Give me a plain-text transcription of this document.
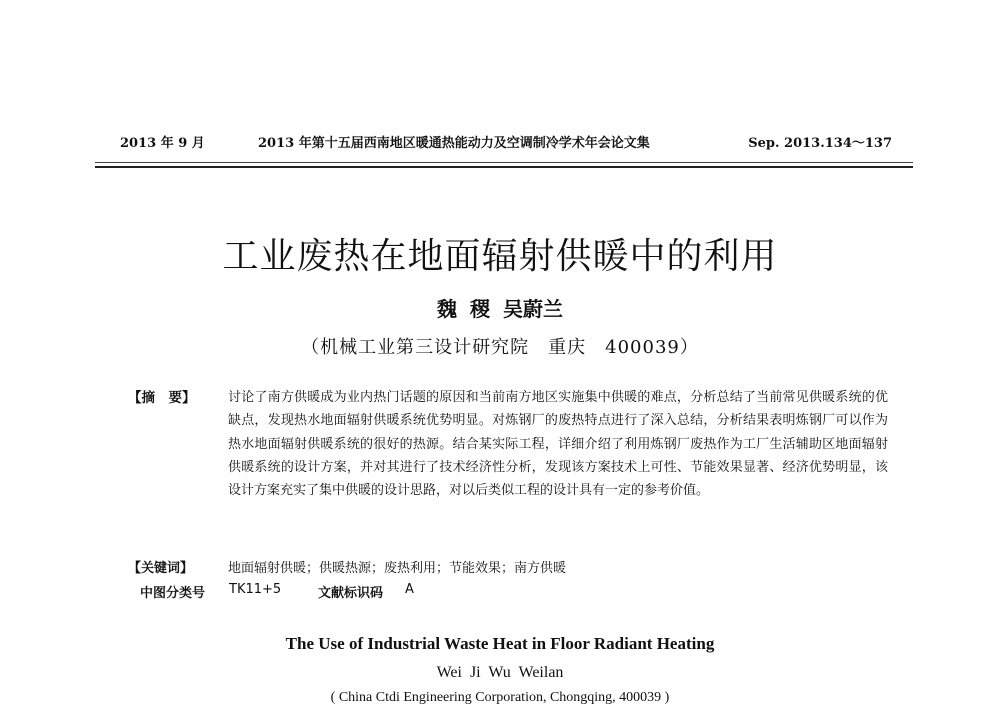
2013 年 9 月	2013 年第十五届西南地区暖通热能动力及空调制冷学术年会论文集	Sep. 2013.134～137
工业废热在地面辐射供暖中的利用
魏 稷 吴蔚兰
（机械工业第三设计研究院　重庆　400039）
【摘　要】	讨论了南方供暖成为业内热门话题的原因和当前南方地区实施集中供暖的难点，分析总结了当前常见供暖系统的优缺点，发现热水地面辐射供暖系统优势明显。对炼钢厂的废热特点进行了深入总结，分析结果表明炼钢厂可以作为热水地面辐射供暖系统的很好的热源。结合某实际工程，详细介绍了利用炼钢厂废热作为工厂生活辅助区地面辐射供暖系统的设计方案，并对其进行了技术经济性分析，发现该方案技术上可性、节能效果显著、经济优势明显，该设计方案充实了集中供暖的设计思路，对以后类似工程的设计具有一定的参考价值。

【关键词】	地面辐射供暖；供暖热源；废热利用；节能效果；南方供暖
中图分类号 TK11+5	文献标识码 A
The Use of Industrial Waste Heat in Floor Radiant Heating
Wei Ji Wu Weilan
( China Ctdi Engineering Corporation, Chongqing, 400039 )
